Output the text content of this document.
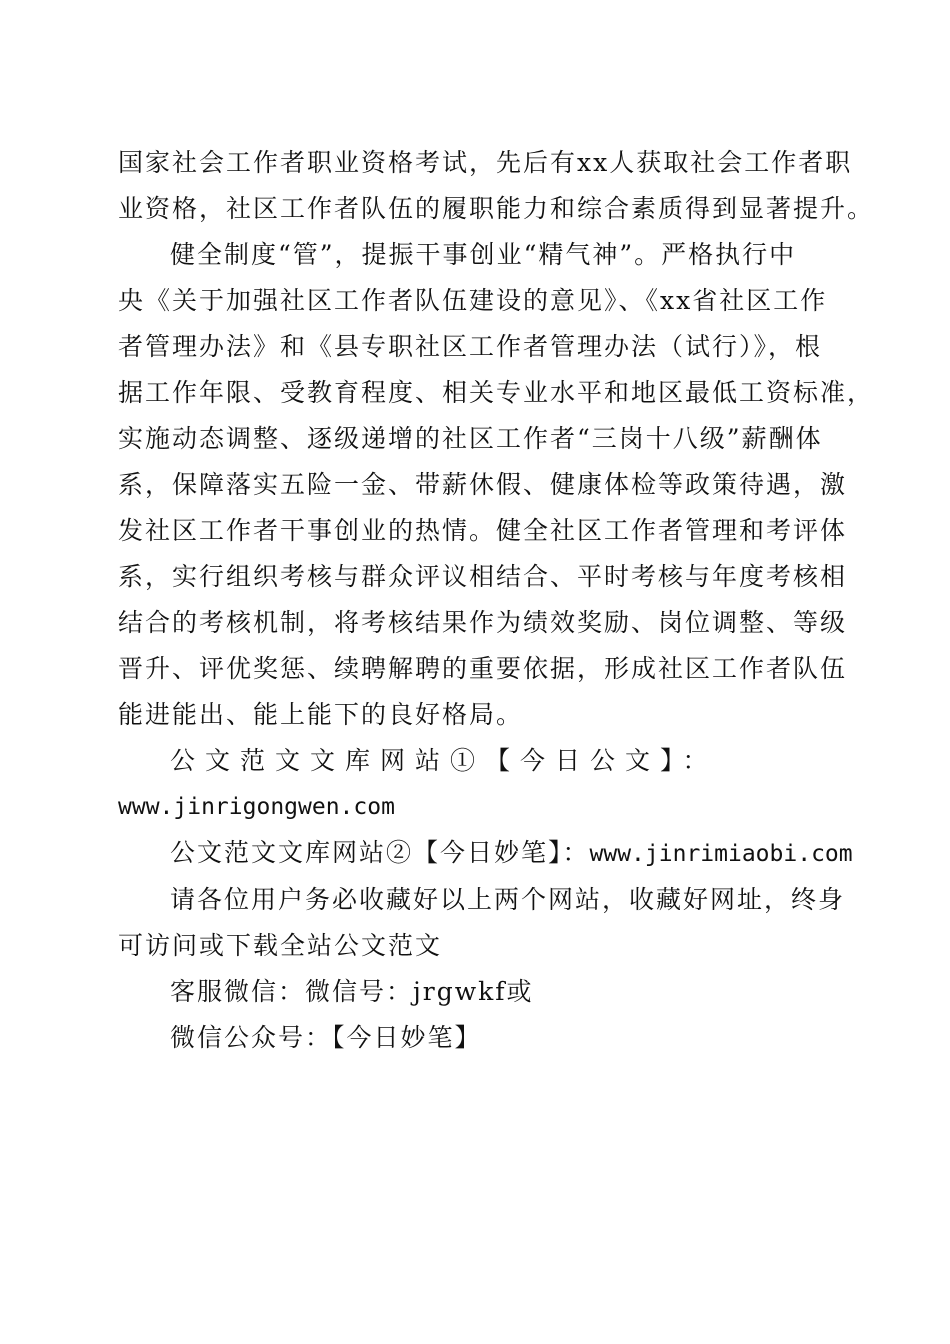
国家社会工作者职业资格考试，先后有xx人获取社会工作者职
业资格，社区工作者队伍的履职能力和综合素质得到显著提升。

健全制度“管”，提振干事创业“精气神”。严格执行中
央《关于加强社区工作者队伍建设的意见》、《xx省社区工作
者管理办法》和《县专职社区工作者管理办法（试行）》，根
据工作年限、受教育程度、相关专业水平和地区最低工资标准，
实施动态调整、逐级递增的社区工作者“三岗十八级”薪酬体
系，保障落实五险一金、带薪休假、健康体检等政策待遇，激
发社区工作者干事创业的热情。健全社区工作者管理和考评体
系，实行组织考核与群众评议相结合、平时考核与年度考核相
结合的考核机制，将考核结果作为绩效奖励、岗位调整、等级
晋升、评优奖惩、续聘解聘的重要依据，形成社区工作者队伍
能进能出、能上能下的良好格局。

公文范文文库网站①【今日公文】：
www.jinrigongwen.com

公文范文文库网站②【今日妙笔】：www.jinrimiaobi.com

请各位用户务必收藏好以上两个网站，收藏好网址，终身
可访问或下载全站公文范文

客服微信：微信号：jrgwkf或

微信公众号：【今日妙笔】
